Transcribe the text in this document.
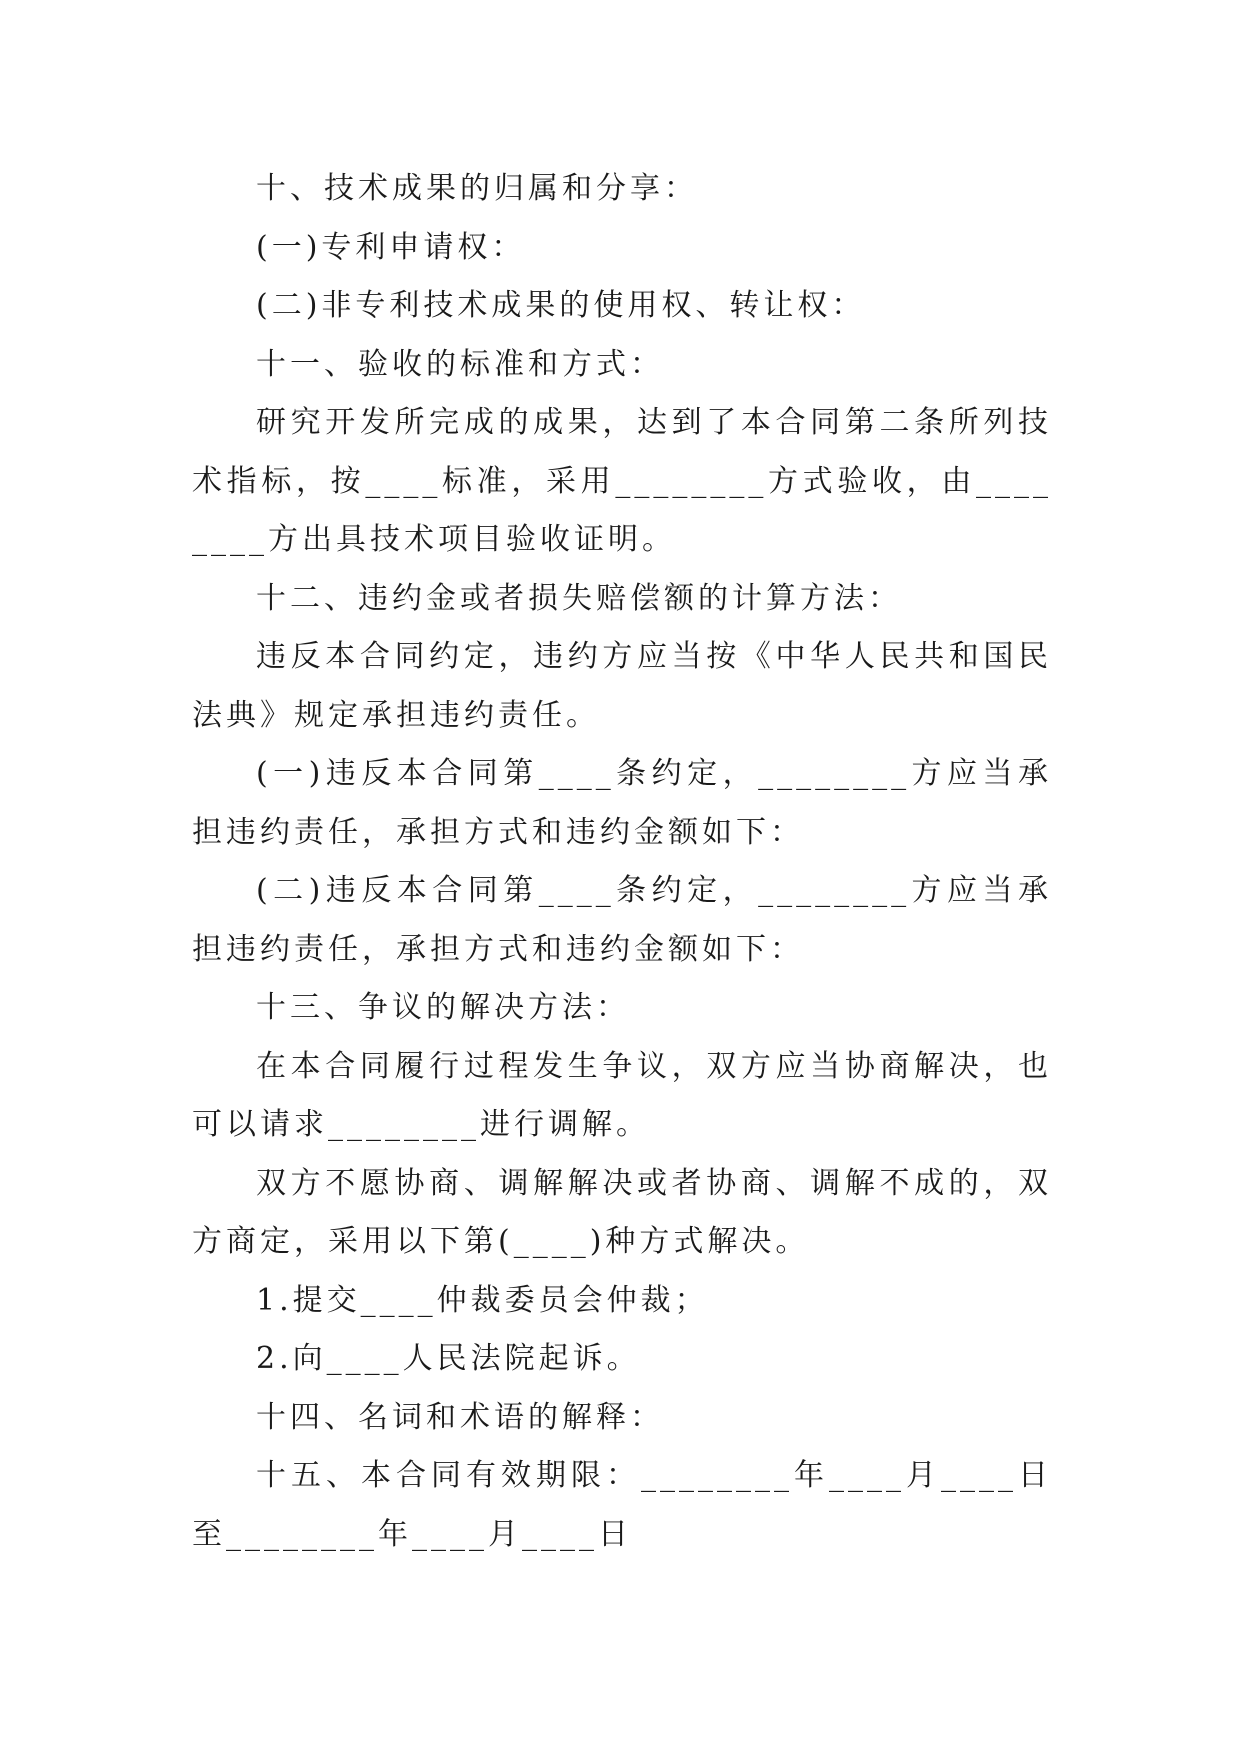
十、技术成果的归属和分享：

(一)专利申请权：

(二)非专利技术成果的使用权、转让权：

十一、验收的标准和方式：

研究开发所完成的成果，达到了本合同第二条所列技术指标，按____标准，采用________方式验收，由________方出具技术项目验收证明。

十二、违约金或者损失赔偿额的计算方法：

违反本合同约定，违约方应当按《中华人民共和国民法典》规定承担违约责任。

(一)违反本合同第____条约定，________方应当承担违约责任，承担方式和违约金额如下：

(二)违反本合同第____条约定，________方应当承担违约责任，承担方式和违约金额如下：

十三、争议的解决方法：

在本合同履行过程发生争议，双方应当协商解决，也可以请求________进行调解。

双方不愿协商、调解解决或者协商、调解不成的，双方商定，采用以下第(____)种方式解决。

1.提交____仲裁委员会仲裁；

2.向____人民法院起诉。

十四、名词和术语的解释：

十五、本合同有效期限：________年____月____日至________年____月____日
